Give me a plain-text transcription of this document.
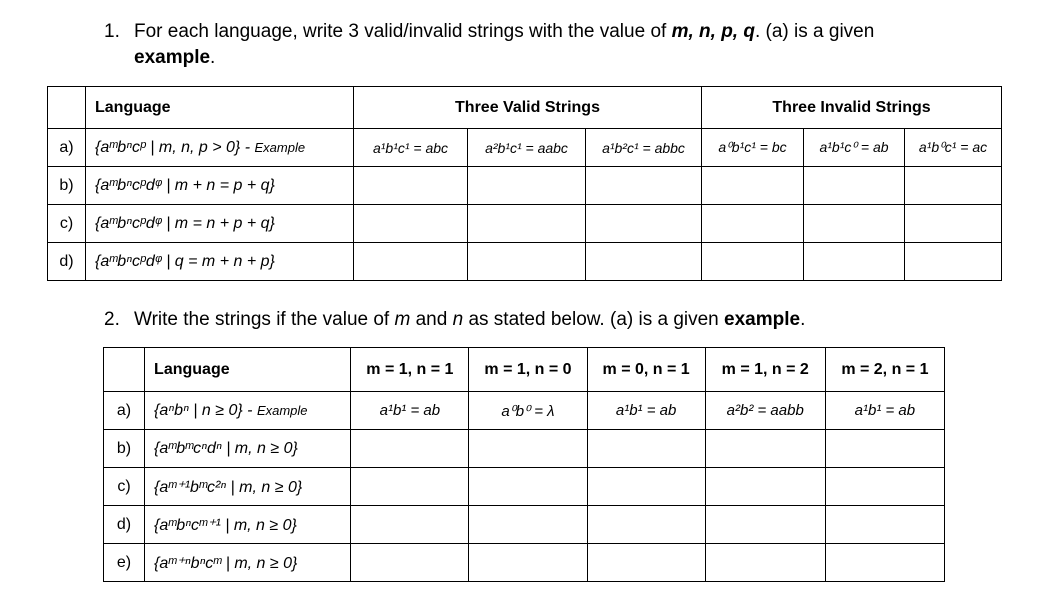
1. For each language, write 3 valid/invalid strings with the value of m, n, p, q. (a) is a given
example.
	Language	Three Valid Strings			Three Invalid Strings		
a)	{aᵐbⁿcᵖ | m, n, p > 0} - Example	a¹b¹c¹ = abc	a²b¹c¹ = aabc	a¹b²c¹ = abbc	a⁰b¹c¹ = bc	a¹b¹c⁰ = ab	a¹b⁰c¹ = ac
b)	{aᵐbⁿcᵖdᵠ | m + n = p + q}						
c)	{aᵐbⁿcᵖdᵠ | m = n + p + q}						
d)	{aᵐbⁿcᵖdᵠ | q = m + n + p}						
2. Write the strings if the value of m and n as stated below. (a) is a given example.
	Language	m = 1, n = 1	m = 1, n = 0	m = 0, n = 1	m = 1, n = 2	m = 2, n = 1
a)	{aⁿbⁿ | n ≥ 0} - Example	a¹b¹ = ab	a⁰b⁰ = λ	a¹b¹ = ab	a²b² = aabb	a¹b¹ = ab
b)	{aᵐbᵐcⁿdⁿ | m, n ≥ 0}					
c)	{aᵐ⁺¹bᵐc²ⁿ | m, n ≥ 0}					
d)	{aᵐbⁿcᵐ⁺¹ | m, n ≥ 0}					
e)	{aᵐ⁺ⁿbⁿcᵐ | m, n ≥ 0}					
